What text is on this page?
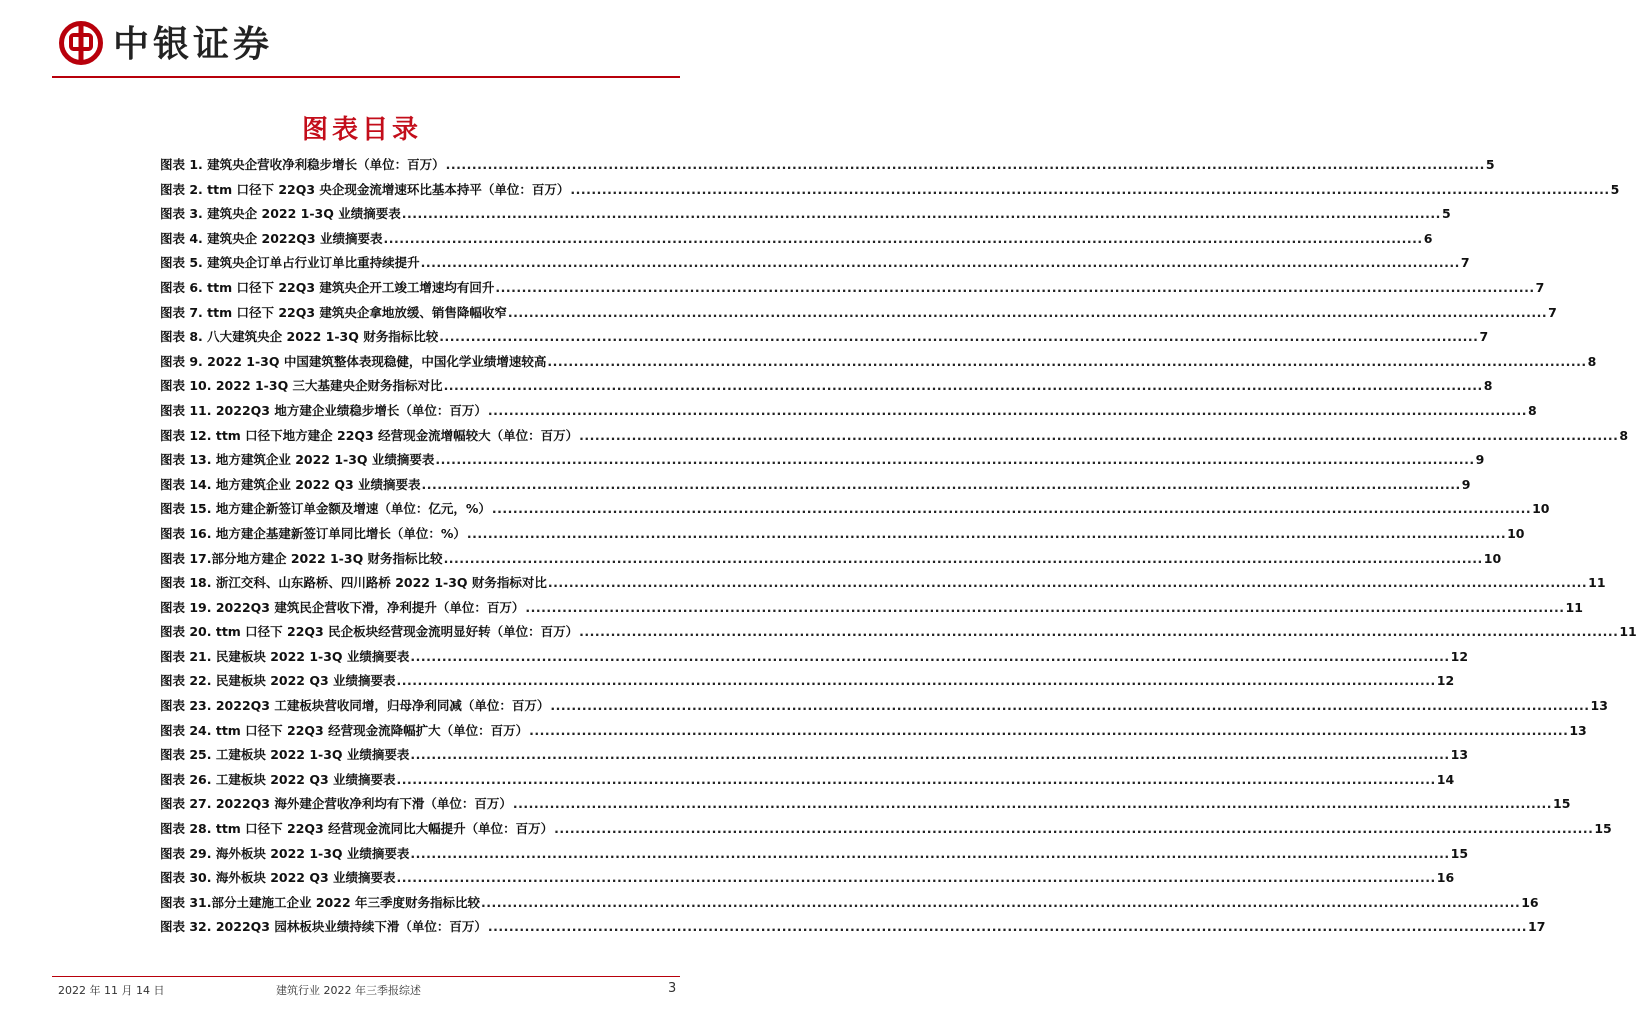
中银证券
图表目录
图表 1. 建筑央企营收净利稳步增长（单位：百万） .....	5
图表 2. ttm 口径下 22Q3 央企现金流增速环比基本持平（单位：百万） .....	5
图表 3. 建筑央企 2022 1-3Q 业绩摘要表 .....	5
图表 4. 建筑央企 2022Q3 业绩摘要表 .....	6
图表 5. 建筑央企订单占行业订单比重持续提升 .....	7
图表 6. ttm 口径下 22Q3 建筑央企开工竣工增速均有回升 .....	7
图表 7. ttm 口径下 22Q3 建筑央企拿地放缓、销售降幅收窄 .....	7
图表 8. 八大建筑央企 2022 1-3Q 财务指标比较 .....	7
图表 9. 2022 1-3Q 中国建筑整体表现稳健，中国化学业绩增速较高 .....	8
图表 10. 2022 1-3Q 三大基建央企财务指标对比 .....	8
图表 11. 2022Q3 地方建企业绩稳步增长（单位：百万） .....	8
图表 12. ttm 口径下地方建企 22Q3 经营现金流增幅较大（单位：百万） .....	8
图表 13. 地方建筑企业 2022 1-3Q 业绩摘要表 .....	9
图表 14. 地方建筑企业 2022 Q3 业绩摘要表 .....	9
图表 15. 地方建企新签订单金额及增速（单位：亿元，%） .....	10
图表 16. 地方建企基建新签订单同比增长（单位：%） .....	10
图表 17.部分地方建企 2022 1-3Q 财务指标比较 .....	10
图表 18. 浙江交科、山东路桥、四川路桥 2022 1-3Q 财务指标对比 .....	11
图表 19. 2022Q3 建筑民企营收下滑，净利提升（单位：百万） .....	11
图表 20. ttm 口径下 22Q3 民企板块经营现金流明显好转（单位：百万） .....	11
图表 21. 民建板块 2022 1-3Q 业绩摘要表 .....	12
图表 22. 民建板块 2022 Q3 业绩摘要表 .....	12
图表 23. 2022Q3 工建板块营收同增，归母净利同减（单位：百万） .....	13
图表 24. ttm 口径下 22Q3 经营现金流降幅扩大（单位：百万） .....	13
图表 25. 工建板块 2022 1-3Q 业绩摘要表 .....	13
图表 26. 工建板块 2022 Q3 业绩摘要表 .....	14
图表 27. 2022Q3 海外建企营收净利均有下滑（单位：百万） .....	15
图表 28. ttm 口径下 22Q3 经营现金流同比大幅提升（单位：百万） .....	15
图表 29. 海外板块 2022 1-3Q 业绩摘要表 .....	15
图表 30. 海外板块 2022 Q3 业绩摘要表 .....	16
图表 31.部分土建施工企业 2022 年三季度财务指标比较 .....	16
图表 32. 2022Q3 园林板块业绩持续下滑（单位：百万） .....	17
2022 年 11 月 14 日	建筑行业 2022 年三季报综述	3
